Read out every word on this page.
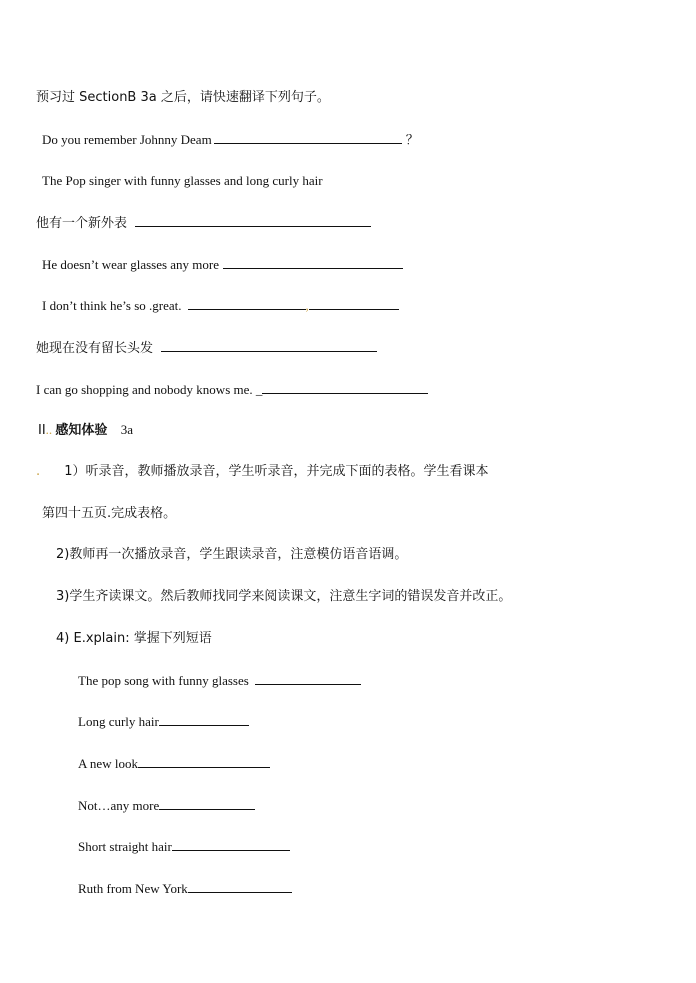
预习过 SectionB 3a 之后，请快速翻译下列句子。
Do you remember Johnny Deam	？
The Pop singer with funny glasses and long curly hair
他有一个新外表
He doesn’t wear glasses any more
I don’t think he’s so .great.	,
她现在没有留长头发
I can go shopping and nobody knows me. _
II.. 感知体验 3a
. 1）听录音，教师播放录音，学生听录音，并完成下面的表格。学生看课本
第四十五页.完成表格。
2)教师再一次播放录音，学生跟读录音，注意模仿语音语调。
3)学生齐读课文。然后教师找同学来阅读课文，注意生字词的错误发音并改正。
4) E.xplain: 掌握下列短语
The pop song with funny glasses
Long curly hair
A new look
Not…any more
Short straight hair
Ruth from New York
